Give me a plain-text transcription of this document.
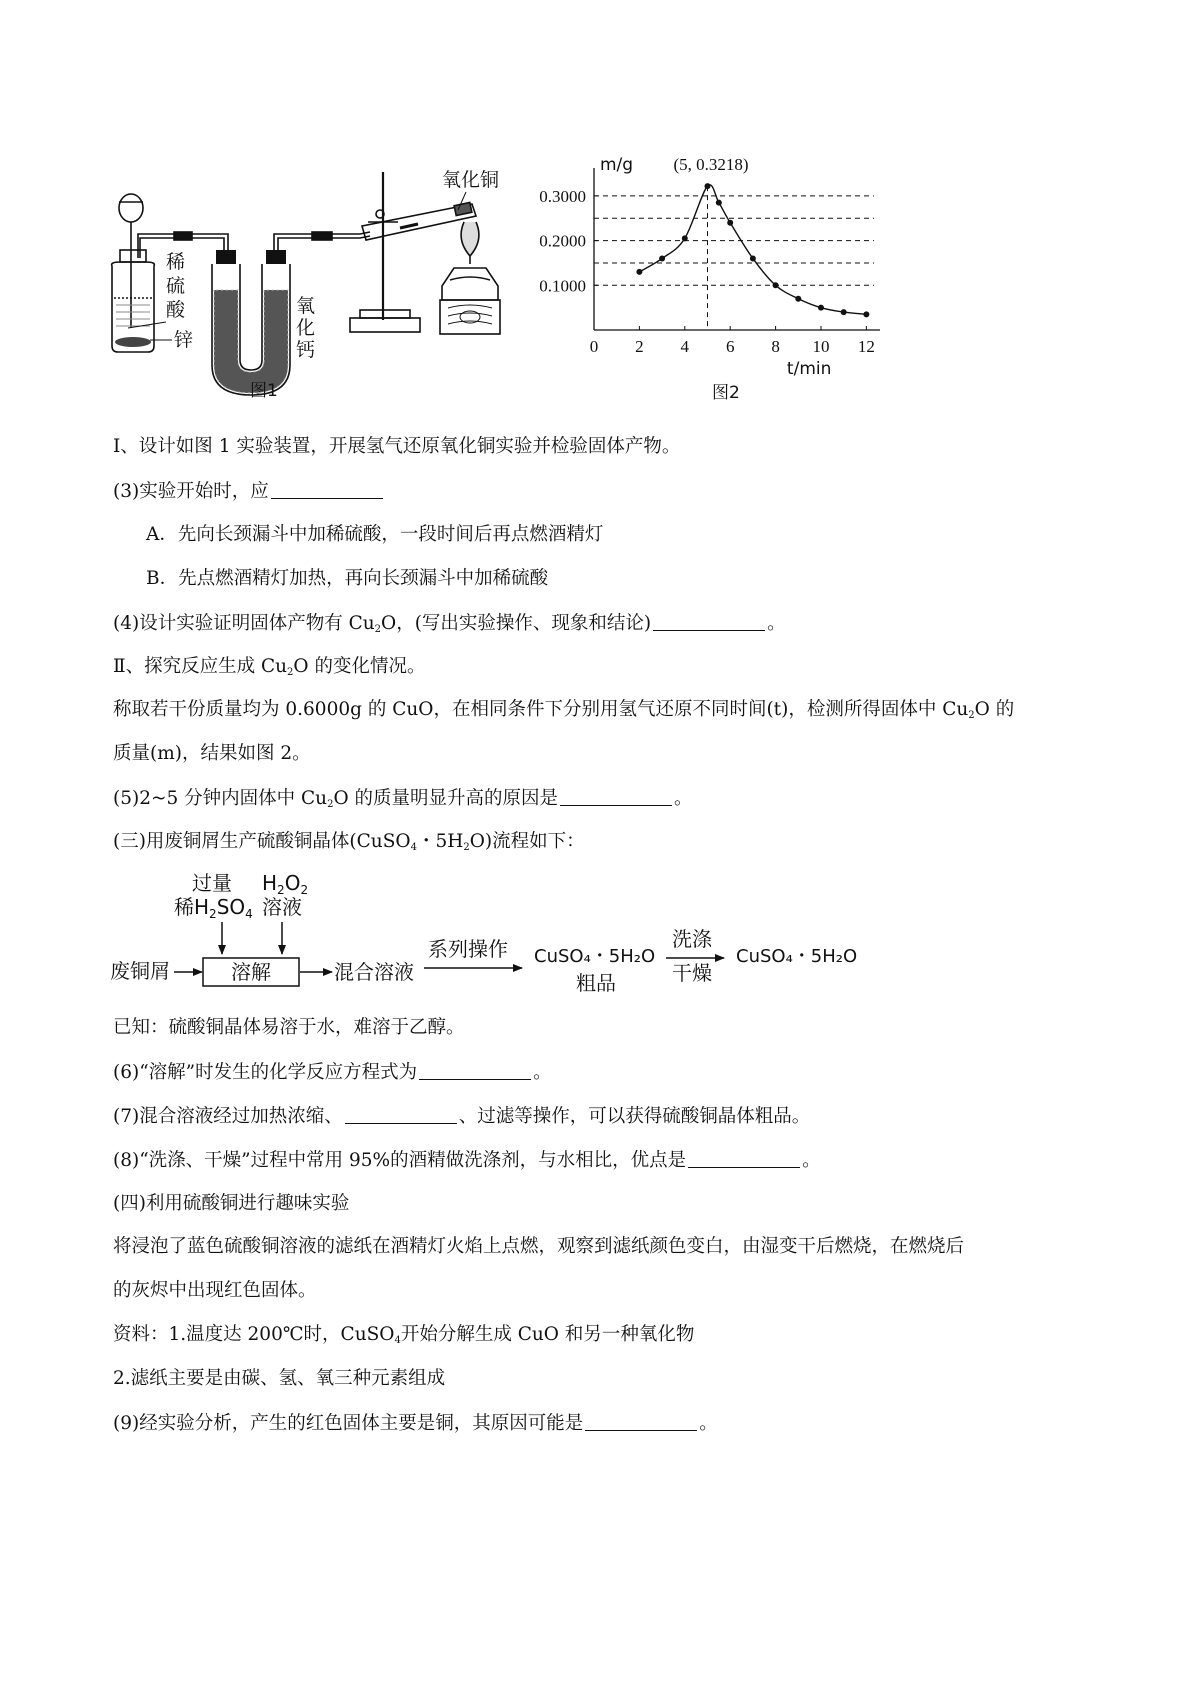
稀
硫
酸
锌
氧
化
钙
氧化铜
图1
0 2 4 6 8 10 12
0.1000
0.2000
0.3000
m/g
t/min
(5, 0.3218)
图2
I、设计如图 1 实验装置，开展氢气还原氧化铜实验并检验固体产物。
(3)实验开始时，应
A．先向长颈漏斗中加稀硫酸，一段时间后再点燃酒精灯
B．先点燃酒精灯加热，再向长颈漏斗中加稀硫酸
(4)设计实验证明固体产物有 $Cu_2O$，(写出实验操作、现象和结论)	。
Ⅱ、探究反应生成 $Cu_2O$ 的变化情况。
称取若干份质量均为 0.6000g 的 CuO，在相同条件下分别用氢气还原不同时间(t)，检测所得固体中 $Cu_2O$ 的
质量(m)，结果如图 2。
(5)2~5 分钟内固体中 $Cu_2O$ 的质量明显升高的原因是	。
(三)用废铜屑生产硫酸铜晶体(CuSO$_4$・$5H_2O$)流程如下：
过量
稀$H_2SO_4$
$H_2O_2$
溶液
废铜屑	溶解	混合溶液
系列操作 CuSO₄・5H₂O
粗品
洗涤
干燥
CuSO₄・5H₂O
已知：硫酸铜晶体易溶于水，难溶于乙醇。
(6)“溶解”时发生的化学反应方程式为	。
(7)混合溶液经过加热浓缩、	、过滤等操作，可以获得硫酸铜晶体粗品。
(8)“洗涤、干燥”过程中常用 95%的酒精做洗涤剂，与水相比，优点是	。
(四)利用硫酸铜进行趣味实验
将浸泡了蓝色硫酸铜溶液的滤纸在酒精灯火焰上点燃，观察到滤纸颜色变白，由湿变干后燃烧，在燃烧后
的灰烬中出现红色固体。
资料：1.温度达 200℃时，CuSO$_4$开始分解生成 CuO 和另一种氧化物
2.滤纸主要是由碳、氢、氧三种元素组成
(9)经实验分析，产生的红色固体主要是铜，其原因可能是	。
